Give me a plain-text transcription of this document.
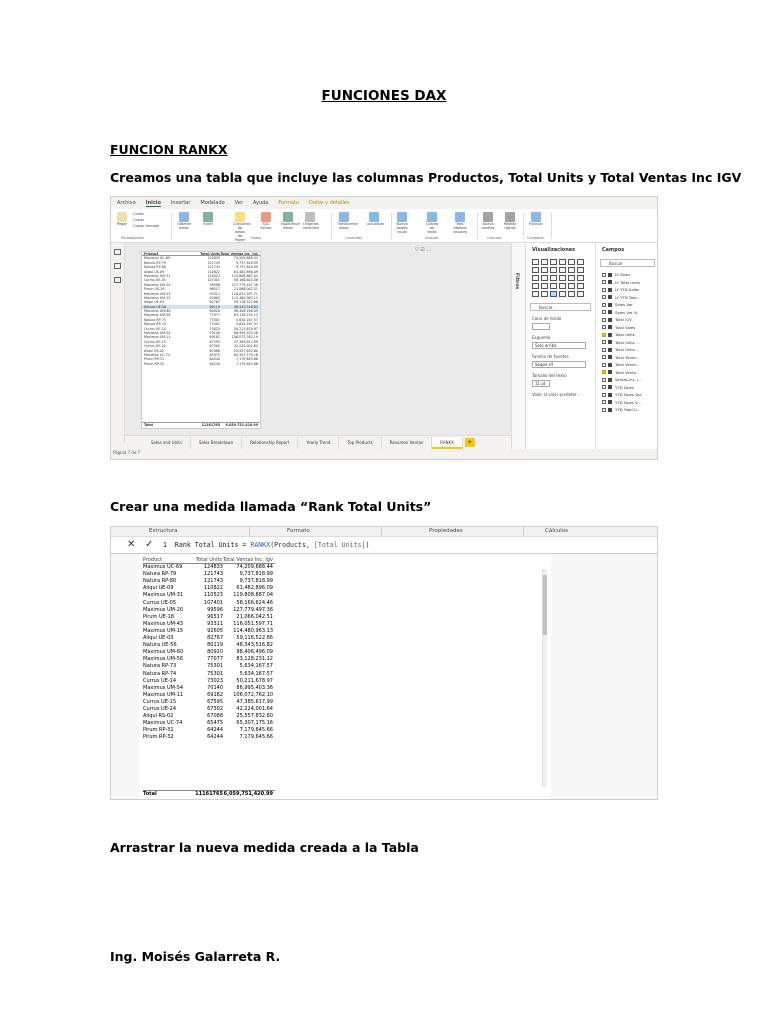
FUNCIONES DAX
FUNCION RANKX
Creamos una tabla que incluye las columnas Productos, Total Units y Total Ventas Inc IGV
Archivo Inicio Insertar Modelado Ver Ayuda Formato Datos y detalles
Pegar	Obtener datos
Excel	Conjuntos de datos de Power
SQL Server
Especificar datos
Orígenes recientes
Transformar datos
Actualizar	Nuevo objeto visual
Cuadro de texto
Más objetos visuales
Nueva medida
Medida rápida
Publicar
Cortar
Copiar
Copiar formato
Portapapeles	Datos	Consultas	Insertar	Cálculos	Compartir
Product	Total Units Total Ventas Inc. Igv
Maximus UC-69	124833	74,209,688.44
Natura RP-79	121743	9,737,818.99
Natura RP-80	121743	9,737,818.99
Aliqui UE-09	110822	61,482,896.09
Maximus UM-31	110523	119,808,887.04
Currus UE-05	107401	58,166,624.46
Maximus UM-20	99596	127,779,497.36
Pirum UE-18	96517	21,066,042.51
Maximus UM-43	93311	116,051,597.71
Maximus UM-15	92605	114,480,963.13
Aliqui UE-03	82767	59,116,522.86
Natura UE-56	80119	48,343,516.82
Maximus UM-60	80920	98,406,496.09
Maximus UM-56	77077	83,128,231.12
Natura RP-73	75301	5,634,167.57
Natura RP-74	75301	5,634,167.57
Currus UE-14	73023	50,211,678.97
Maximus UM-54	70140	86,995,403.36
Maximus UM-11	69182	106,072,762.10
Currus UE-15	67595	47,385,617.99
Currus UE-24	67302	42,224,001.64
Aliqui RS-02	67088	25,557,832.60
Maximus UC-74	65475	65,307,175.16
Pirum RP-31	64244	7,179,645.66
Pirum RP-32	64244	7,179,645.66
Total	11161765	6,059,751,420.99
▽ ⊡ …
Sales and Units	Sales Breakdown	Relationship Report	Yearly Trend	Top Products	Resumen Ventas	RANKX	+
Página 7 de 7
Filtros
Visualizaciones
Buscar
Color de fondo
Esquema
Solo arriba
Familia de fuentes
Segoe UI
Tamaño del texto
11 pt
Valor al valor predeter...
Campos
Buscar
LY Sales
LY Total Units
LY YTD Sales
LY YTD Tota...
Sales Var
Sales Var %
Total IGV
Total Sales
Total Units
Total Units ...
Total Units ...
Total Vendr...
Total Vendr...
Total Venta...
Ventas Inc. I...
YTD Sales
YTD Sales Var
YTD Sales V...
YTD Total U...
Crear una medida llamada “Rank Total Units”
Estructura	Formato	Propiedades	Cálculos
✕ ✓ 1  Rank Total Units = RANKX(Products, [Total Units])
Product	Total Units Total Ventas Inc. Igv
Maximus UC-69	124833	74,209,688.44
Natura RP-79	121743	9,737,818.99
Natura RP-80	121743	9,737,818.99
Aliqui UE-09	110822	61,482,896.09
Maximus UM-31	110523	119,808,887.04
Currus UE-05	107401	58,166,624.46
Maximus UM-20	99596	127,779,497.36
Pirum UE-18	96517	21,066,042.51
Maximus UM-43	93311	116,051,597.71
Maximus UM-15	92605	114,480,963.13
Aliqui UE-03	82767	59,116,522.86
Natura UE-56	80119	48,343,516.82
Maximus UM-60	80920	98,406,496.09
Maximus UM-56	77077	83,128,231.12
Natura RP-73	75301	5,634,167.57
Natura RP-74	75301	5,634,167.57
Currus UE-14	73023	50,211,678.97
Maximus UM-54	70140	86,995,403.36
Maximus UM-11	69182	106,072,762.10
Currus UE-15	67595	47,385,617.99
Currus UE-24	67302	42,224,001.64
Aliqui RS-02	67088	25,557,832.60
Maximus UC-74	65475	65,307,175.16
Pirum RP-31	64244	7,179,645.66
Pirum RP-32	64244	7,179,645.66
Total	11161765 6,059,751,420.99
Arrastrar la nueva medida creada a la Tabla
Ing. Moisés Galarreta R.
